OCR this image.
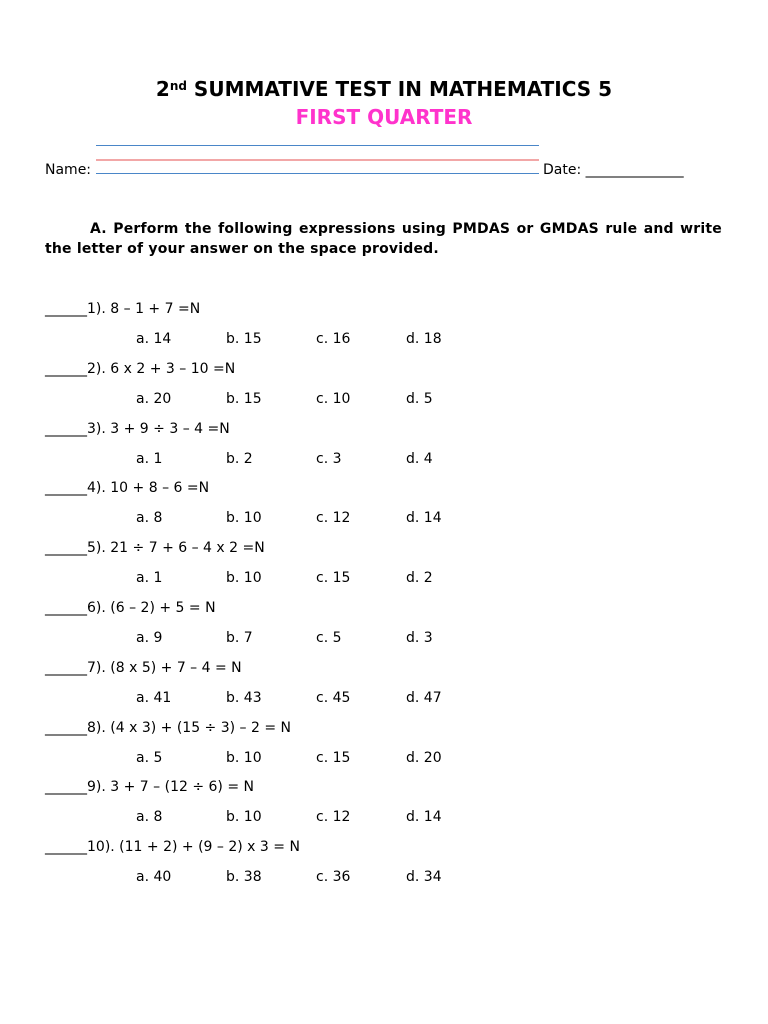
2nd SUMMATIVE TEST IN MATHEMATICS 5
FIRST QUARTER
Name:	Date: ______________
A. Perform the following expressions using PMDAS or GMDAS rule and write the letter of your answer on the space provided.
______1). 8 – 1 + 7 =N
a. 14	b. 15	c. 16	d. 18
______2). 6 x 2 + 3 – 10 =N
a. 20	b. 15	c. 10	d. 5
______3). 3 + 9 ÷ 3 – 4 =N
a. 1	b. 2	c. 3	d. 4
______4). 10 + 8 – 6 =N
a. 8	b. 10	c. 12	d. 14
______5). 21 ÷ 7 + 6 – 4 x 2 =N
a. 1	b. 10	c. 15	d. 2
______6). (6 – 2) + 5 = N
a. 9	b. 7	c. 5	d. 3
______7). (8 x 5) + 7 – 4 = N
a. 41	b. 43	c. 45	d. 47
______8). (4 x 3) + (15 ÷ 3) – 2 = N
a. 5	b. 10	c. 15	d. 20
______9). 3 + 7 – (12 ÷ 6) = N
a. 8	b. 10	c. 12	d. 14
______10). (11 + 2) + (9 – 2) x 3 = N
a. 40	b. 38	c. 36	d. 34
